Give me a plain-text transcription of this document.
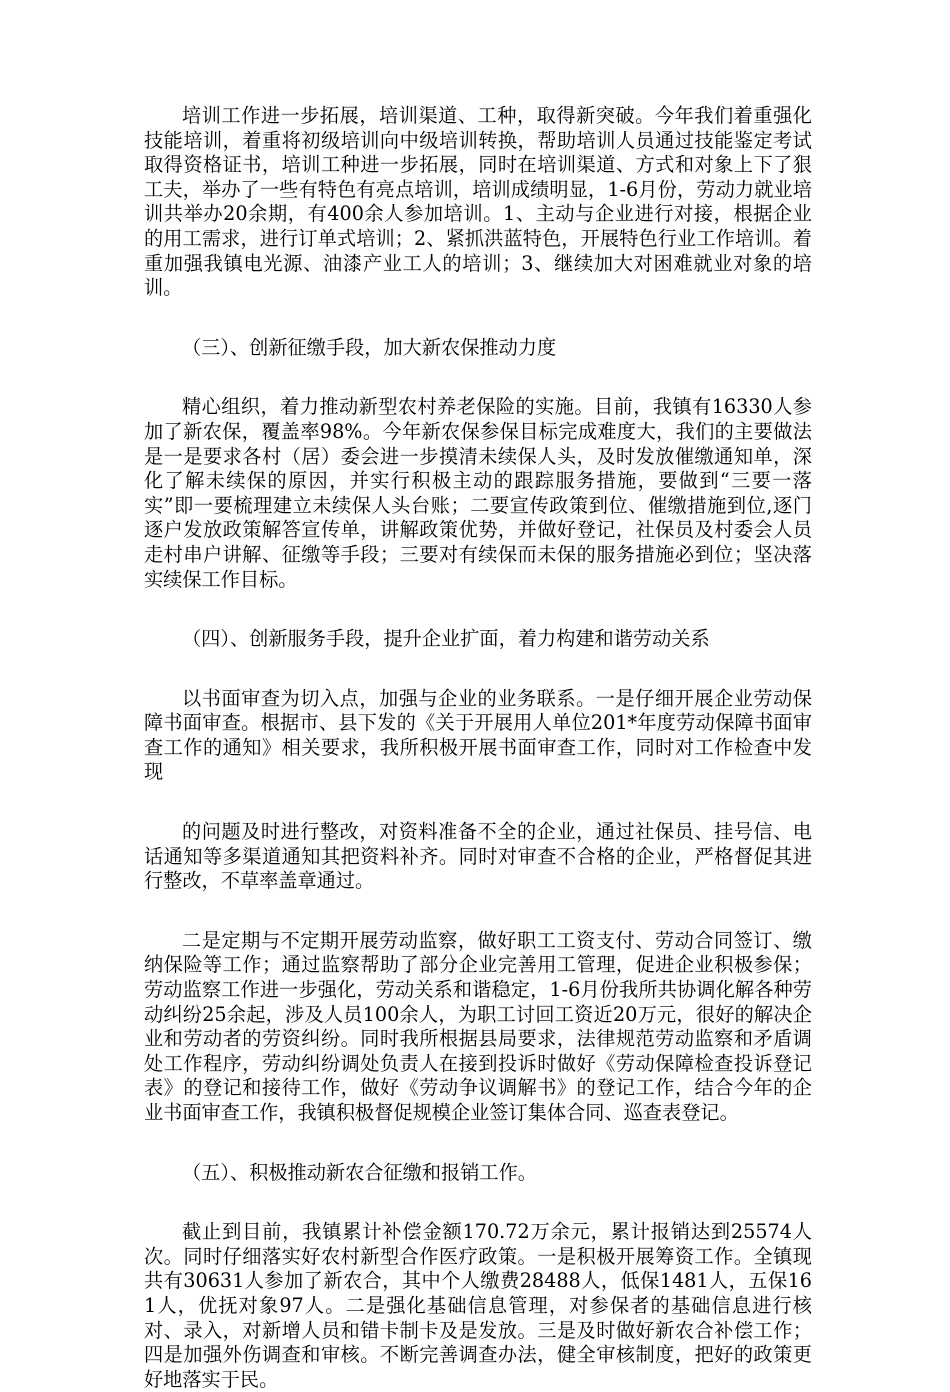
培训工作进一步拓展，培训渠道、工种，取得新突破。今年我们着重强化技能培训，着重将初级培训向中级培训转换，帮助培训人员通过技能鉴定考试取得资格证书，培训工种进一步拓展，同时在培训渠道、方式和对象上下了狠工夫，举办了一些有特色有亮点培训，培训成绩明显，1-6月份，劳动力就业培训共举办20余期，有400余人参加培训。1、主动与企业进行对接，根据企业的用工需求，进行订单式培训；2、紧抓洪蓝特色，开展特色行业工作培训。着重加强我镇电光源、油漆产业工人的培训；3、继续加大对困难就业对象的培训。

（三）、创新征缴手段，加大新农保推动力度

精心组织，着力推动新型农村养老保险的实施。目前，我镇有16330人参加了新农保，覆盖率98%。今年新农保参保目标完成难度大，我们的主要做法是一是要求各村（居）委会进一步摸清未续保人头，及时发放催缴通知单，深化了解未续保的原因，并实行积极主动的跟踪服务措施，要做到“三要一落实”即一要梳理建立未续保人头台账；二要宣传政策到位、催缴措施到位,逐门逐户发放政策解答宣传单，讲解政策优势，并做好登记，社保员及村委会人员走村串户讲解、征缴等手段；三要对有续保而未保的服务措施必到位；坚决落实续保工作目标。

（四）、创新服务手段，提升企业扩面，着力构建和谐劳动关系

以书面审查为切入点，加强与企业的业务联系。一是仔细开展企业劳动保障书面审查。根据市、县下发的《关于开展用人单位201*年度劳动保障书面审查工作的通知》相关要求，我所积极开展书面审查工作，同时对工作检查中发现

的问题及时进行整改，对资料准备不全的企业，通过社保员、挂号信、电话通知等多渠道通知其把资料补齐。同时对审查不合格的企业，严格督促其进行整改，不草率盖章通过。

二是定期与不定期开展劳动监察，做好职工工资支付、劳动合同签订、缴纳保险等工作；通过监察帮助了部分企业完善用工管理，促进企业积极参保；劳动监察工作进一步强化，劳动关系和谐稳定，1-6月份我所共协调化解各种劳动纠纷25余起，涉及人员100余人，为职工讨回工资近20万元，很好的解决企业和劳动者的劳资纠纷。同时我所根据县局要求，法律规范劳动监察和矛盾调处工作程序，劳动纠纷调处负责人在接到投诉时做好《劳动保障检查投诉登记表》的登记和接待工作，做好《劳动争议调解书》的登记工作，结合今年的企业书面审查工作，我镇积极督促规模企业签订集体合同、巡查表登记。

（五）、积极推动新农合征缴和报销工作。

截止到目前，我镇累计补偿金额170.72万余元，累计报销达到25574人次。同时仔细落实好农村新型合作医疗政策。一是积极开展筹资工作。全镇现共有30631人参加了新农合，其中个人缴费28488人，低保1481人，五保161人，优抚对象97人。二是强化基础信息管理，对参保者的基础信息进行核对、录入，对新增人员和错卡制卡及是发放。三是及时做好新农合补偿工作；四是加强外伤调查和审核。不断完善调查办法，健全审核制度，把好的政策更好地落实于民。
